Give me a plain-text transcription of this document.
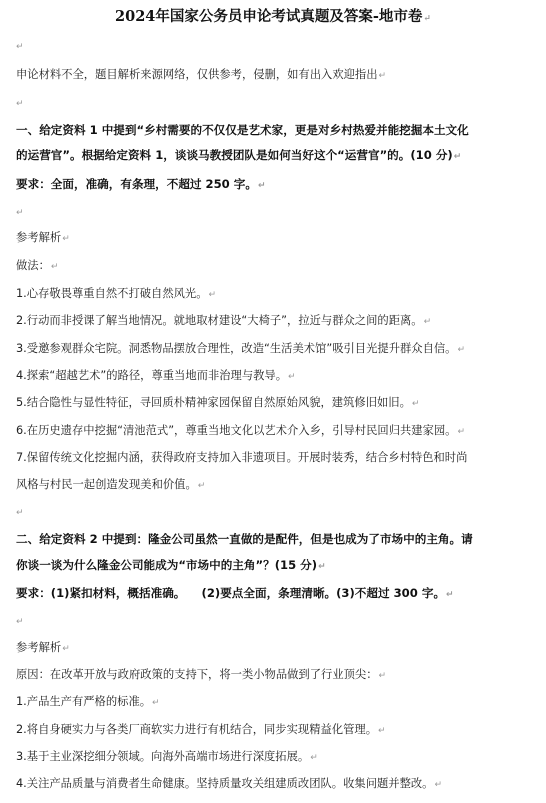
2024年国家公务员申论考试真题及答案-地市卷↵
↵
申论材料不全，题目解析来源网络，仅供参考，侵删，如有出入欢迎指出↵
↵
一、给定资料 1 中提到“乡村需要的不仅仅是艺术家，更是对乡村热爱并能挖掘本土文化
的运营官”。根据给定资料 1，谈谈马教授团队是如何当好这个“运营官”的。(10 分)↵
要求：全面，准确，有条理，不超过 250 字。↵
↵
参考解析↵
做法：↵
1.心存敬畏尊重自然不打破自然风光。↵
2.行动而非授课了解当地情况。就地取材建设“大椅子”，拉近与群众之间的距离。↵
3.受邀参观群众宅院。洞悉物品摆放合理性，改造“生活美术馆”吸引目光提升群众自信。↵
4.探索“超越艺术”的路径，尊重当地而非治理与教导。↵
5.结合隐性与显性特征，寻回质朴精神家园保留自然原始风貌，建筑修旧如旧。↵
6.在历史遗存中挖掘“清池范式”，尊重当地文化以艺术介入乡，引导村民回归共建家园。↵
7.保留传统文化挖掘内涵，获得政府支持加入非遗项目。开展时装秀，结合乡村特色和时尚
风格与村民一起创造发现美和价值。↵
↵
二、给定资料 2 中提到：隆金公司虽然一直做的是配件，但是也成为了市场中的主角。请
你谈一谈为什么隆金公司能成为“市场中的主角”？(15 分)↵
要求：(1)紧扣材料，概括准确。    (2)要点全面，条理清晰。(3)不超过 300 字。↵
↵
参考解析↵
原因：在改革开放与政府政策的支持下，将一类小物品做到了行业顶尖：↵
1.产品生产有严格的标准。↵
2.将自身硬实力与各类厂商软实力进行有机结合，同步实现精益化管理。↵
3.基于主业深挖细分领域。向海外高端市场进行深度拓展。↵
4.关注产品质量与消费者生命健康。坚持质量攻关组建质改团队。收集问题并整改。↵
